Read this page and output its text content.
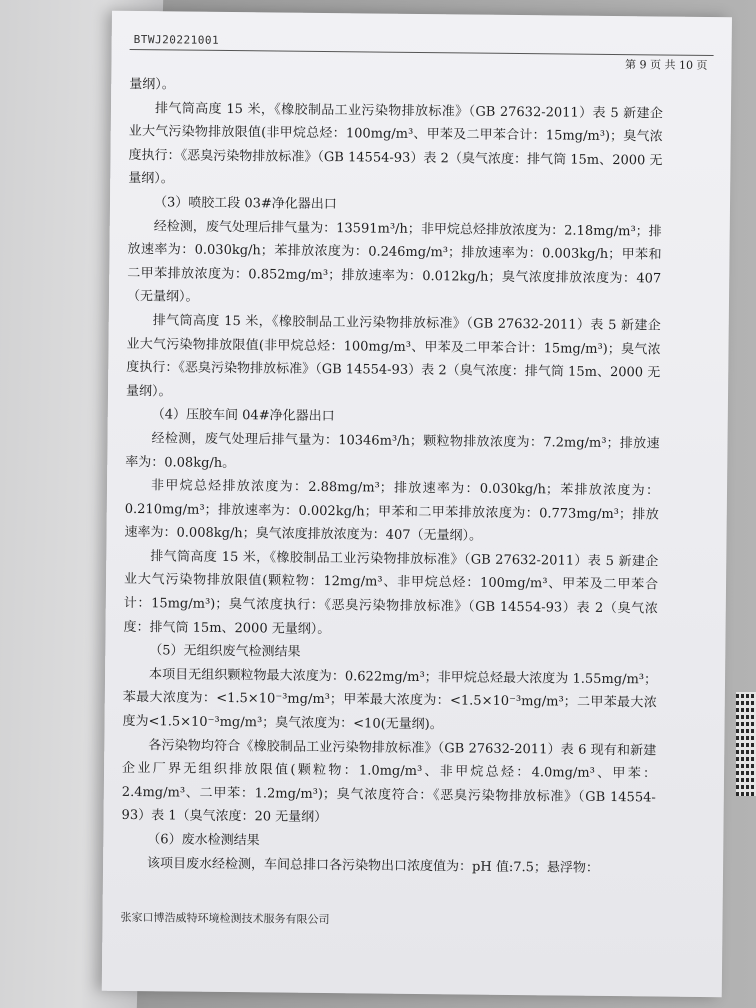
BTWJ20221001
第 9 页 共 10 页

量纲）。

排气筒高度 15 米，《橡胶制品工业污染物排放标准》（GB 27632-2011）表 5 新建企业大气污染物排放限值(非甲烷总烃：100mg/m³、甲苯及二甲苯合计：15mg/m³)；臭气浓度执行：《恶臭污染物排放标准》（GB 14554-93）表 2（臭气浓度：排气筒 15m、2000 无量纲）。

（3）喷胶工段 03#净化器出口

经检测，废气处理后排气量为：13591m³/h；非甲烷总烃排放浓度为：2.18mg/m³；排放速率为：0.030kg/h；苯排放浓度为：0.246mg/m³；排放速率为：0.003kg/h；甲苯和二甲苯排放浓度为：0.852mg/m³；排放速率为：0.012kg/h；臭气浓度排放浓度为：407（无量纲）。

排气筒高度 15 米，《橡胶制品工业污染物排放标准》（GB 27632-2011）表 5 新建企业大气污染物排放限值(非甲烷总烃：100mg/m³、甲苯及二甲苯合计：15mg/m³)；臭气浓度执行：《恶臭污染物排放标准》（GB 14554-93）表 2（臭气浓度：排气筒 15m、2000 无量纲）。

（4）压胶车间 04#净化器出口

经检测，废气处理后排气量为：10346m³/h；颗粒物排放浓度为：7.2mg/m³；排放速率为：0.08kg/h。

非甲烷总烃排放浓度为：2.88mg/m³；排放速率为：0.030kg/h；苯排放浓度为：0.210mg/m³；排放速率为：0.002kg/h；甲苯和二甲苯排放浓度为：0.773mg/m³；排放速率为：0.008kg/h；臭气浓度排放浓度为：407（无量纲）。

排气筒高度 15 米，《橡胶制品工业污染物排放标准》（GB 27632-2011）表 5 新建企业大气污染物排放限值(颗粒物：12mg/m³、非甲烷总烃：100mg/m³、甲苯及二甲苯合计：15mg/m³)；臭气浓度执行：《恶臭污染物排放标准》（GB 14554-93）表 2（臭气浓度：排气筒 15m、2000 无量纲）。

（5）无组织废气检测结果

本项目无组织颗粒物最大浓度为：0.622mg/m³；非甲烷总烃最大浓度为 1.55mg/m³；苯最大浓度为：<1.5×10⁻³mg/m³；甲苯最大浓度为：<1.5×10⁻³mg/m³；二甲苯最大浓度为<1.5×10⁻³mg/m³；臭气浓度为：<10(无量纲)。

各污染物均符合《橡胶制品工业污染物排放标准》（GB 27632-2011）表 6 现有和新建企业厂界无组织排放限值(颗粒物：1.0mg/m³、非甲烷总烃：4.0mg/m³、甲苯：2.4mg/m³、二甲苯：1.2mg/m³)；臭气浓度符合：《恶臭污染物排放标准》（GB 14554-93）表 1（臭气浓度：20 无量纲）

（6）废水检测结果

该项目废水经检测，车间总排口各污染物出口浓度值为：pH 值:7.5；悬浮物：

张家口博浩威特环境检测技术服务有限公司
